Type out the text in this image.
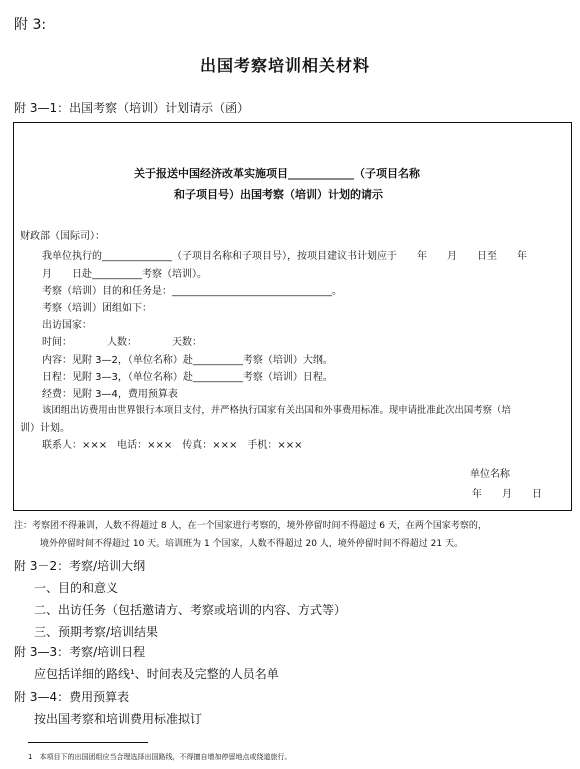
附 3:
出国考察培训相关材料
附 3—1：出国考察（培训）计划请示（函）
关于报送中国经济改革实施项目____________（子项目名称
和子项目号）出国考察（培训）计划的请示
财政部（国际司）：
我单位执行的______________（子项目名称和子项目号），按项目建议书计划应于　　年　　月　　日至　　年
月　　日赴__________考察（培训）。
考察（培训）目的和任务是：________________________________。
考察（培训）团组如下：
出访国家：
时间：　　　　人数：　　　　天数：
内容：见附 3—2，（单位名称）赴__________考察（培训）大纲。
日程：见附 3—3，（单位名称）赴__________考察（培训）日程。
经费：见附 3—4，费用预算表
该团组出访费用由世界银行本项目支付，并严格执行国家有关出国和外事费用标准。现申请批准此次出国考察（培
训）计划。
联系人：×××　电话：×××　传真：×××　手机：×××
单位名称
年　　月　　日
注：考察团不得兼训，人数不得超过 8 人，在一个国家进行考察的，境外停留时间不得超过 6 天，在两个国家考察的，
境外停留时间不得超过 10 天。培训班为 1 个国家，人数不得超过 20 人，境外停留时间不得超过 21 天。
附 3－2：考察/培训大纲
一、目的和意义
二、出访任务（包括邀请方、考察或培训的内容、方式等）
三、预期考察/培训结果
附 3—3：考察/培训日程
应包括详细的路线¹、时间表及完整的人员名单
附 3—4：费用预算表
按出国考察和培训费用标准拟订
1　本项目下的出国团组应当合理选择出国路线，不得擅自增加停留地点或绕道旅行。
